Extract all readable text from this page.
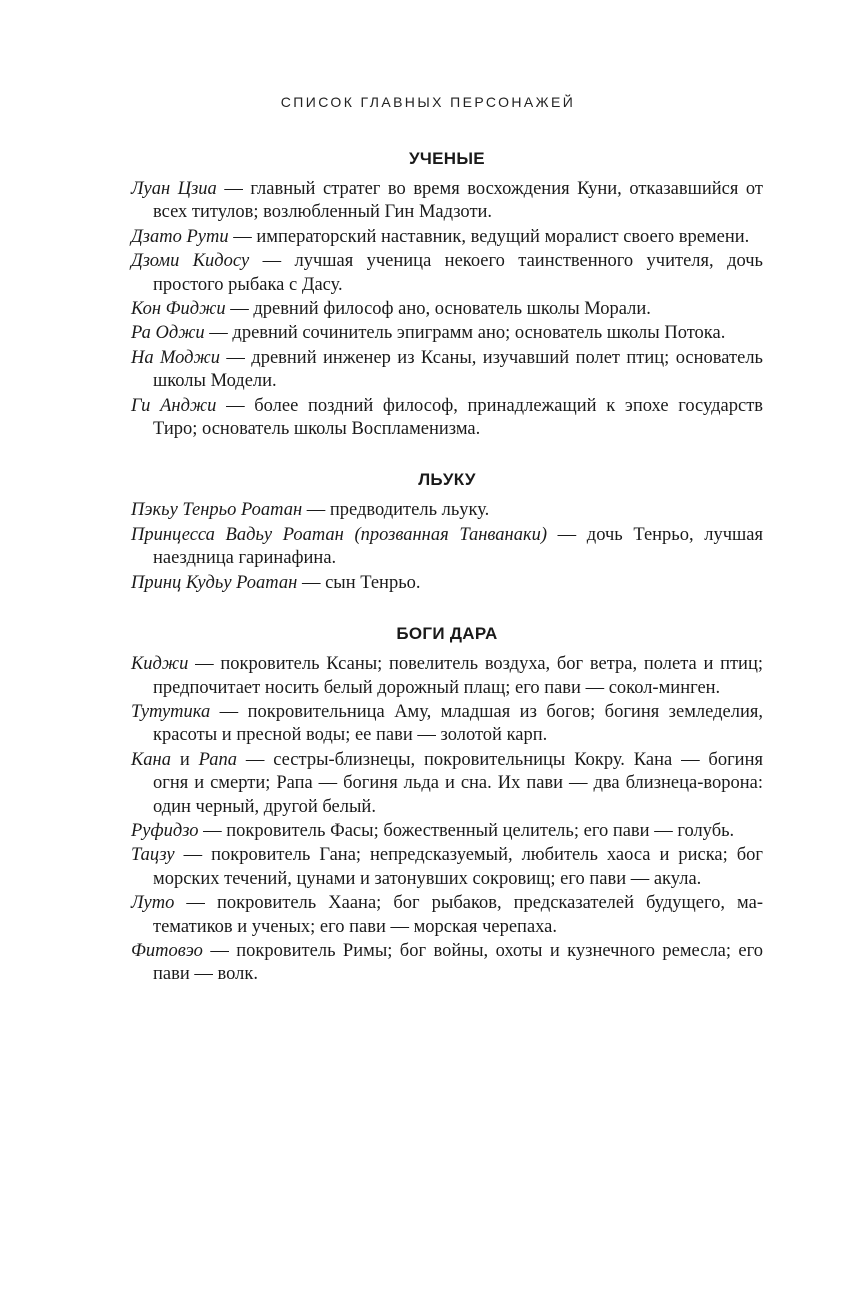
СПИСОК ГЛАВНЫХ ПЕРСОНАЖЕЙ
УЧЕНЫЕ

Луан Цзиа — главный стратег во время восхождения Куни, отказавшийся от всех титулов; возлюбленный Гин Мадзоти.

Дзато Рути — императорский наставник, ведущий моралист своего времени.

Дзоми Кидосу — лучшая ученица некоего таинственного учителя, дочь простого рыбака с Дасу.

Кон Фиджи — древний философ ано, основатель школы Морали.

Ра Оджи — древний сочинитель эпиграмм ано; основатель школы Потока.

На Моджи — древний инженер из Ксаны, изучавший полет птиц; основатель школы Модели.

Ги Анджи — более поздний философ, принадлежащий к эпохе государств Тиро; основатель школы Воспламенизма.

ЛЬУКУ

Пэкьу Тенрьо Роатан — предводитель льуку.

Принцесса Вадьу Роатан (прозванная Танванаки) — дочь Тенрьо, лучшая наездница гаринафина.

Принц Кудьу Роатан — сын Тенрьо.

БОГИ ДАРА

Киджи — покровитель Ксаны; повелитель воздуха, бог ветра, полета и птиц; предпочитает носить белый дорожный плащ; его пави — сокол-минген.

Тутутика — покровительница Аму, младшая из богов; богиня земледелия, красоты и пресной воды; ее пави — золотой карп.

Кана и Рапа — сестры-близнецы, покровительницы Кокру. Кана — богиня огня и смерти; Рапа — богиня льда и сна. Их пави — два близнеца-ворона: один черный, другой белый.

Руфидзо — покровитель Фасы; божественный целитель; его пави — голубь.

Тацзу — покровитель Гана; непредсказуемый, любитель хаоса и риска; бог морских течений, цунами и затонувших сокровищ; его пави — акула.

Луто — покровитель Хаана; бог рыбаков, предсказателей будущего, математиков и ученых; его пави — морская черепаха.

Фитовэо — покровитель Римы; бог войны, охоты и кузнечного ремесла; его пави — волк.
